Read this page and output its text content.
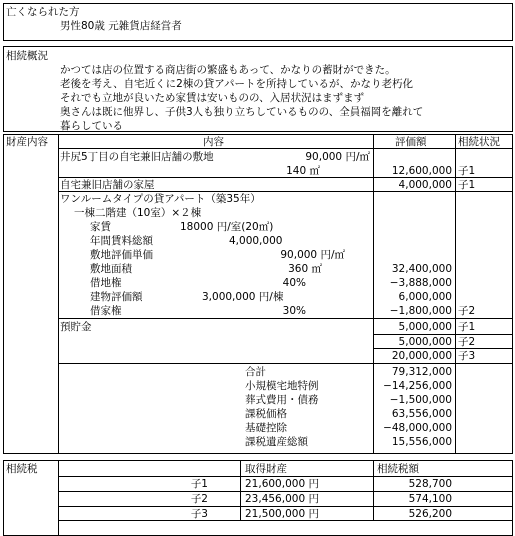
亡くなられた方
男性80歳 元雑貨店経営者
相続概況
かつては店の位置する商店街の繁盛もあって、かなりの蓄財ができた。
老後を考え、自宅近くに2棟の貸アパートを所持しているが、かなり老朽化
それでも立地が良いため家賃は安いものの、入居状況はまずまず
奥さんは既に他界し、子供3人も独り立ちしているものの、全員福岡を離れて
暮らしている
財産内容	内容	評価額	相続状況
井尻5丁目の自宅兼旧店舗の敷地	90,000 円/㎡
140 ㎡	12,600,000 子1
自宅兼旧店舗の家屋	4,000,000 子1
ワンルームタイプの貸アパート（築35年）
一棟二階建（10室）×２棟
家賃	18000 円/室(20㎡)
年間賃料総額	4,000,000
敷地評価単価	90,000 円/㎡
敷地面積	360 ㎡	32,400,000
借地権	40%	−3,888,000
建物評価額	3,000,000 円/棟	6,000,000
借家権	30%	−1,800,000 子2
預貯金	5,000,000 子1
5,000,000 子2
20,000,000 子3
合計	79,312,000
小規模宅地特例	−14,256,000
葬式費用・債務	−1,500,000
課税価格	63,556,000
基礎控除	−48,000,000
課税遺産総額	15,556,000
相続税	取得財産	相続税額
子1	21,600,000 円	528,700
子2	23,456,000 円	574,100
子3	21,500,000 円	526,200
